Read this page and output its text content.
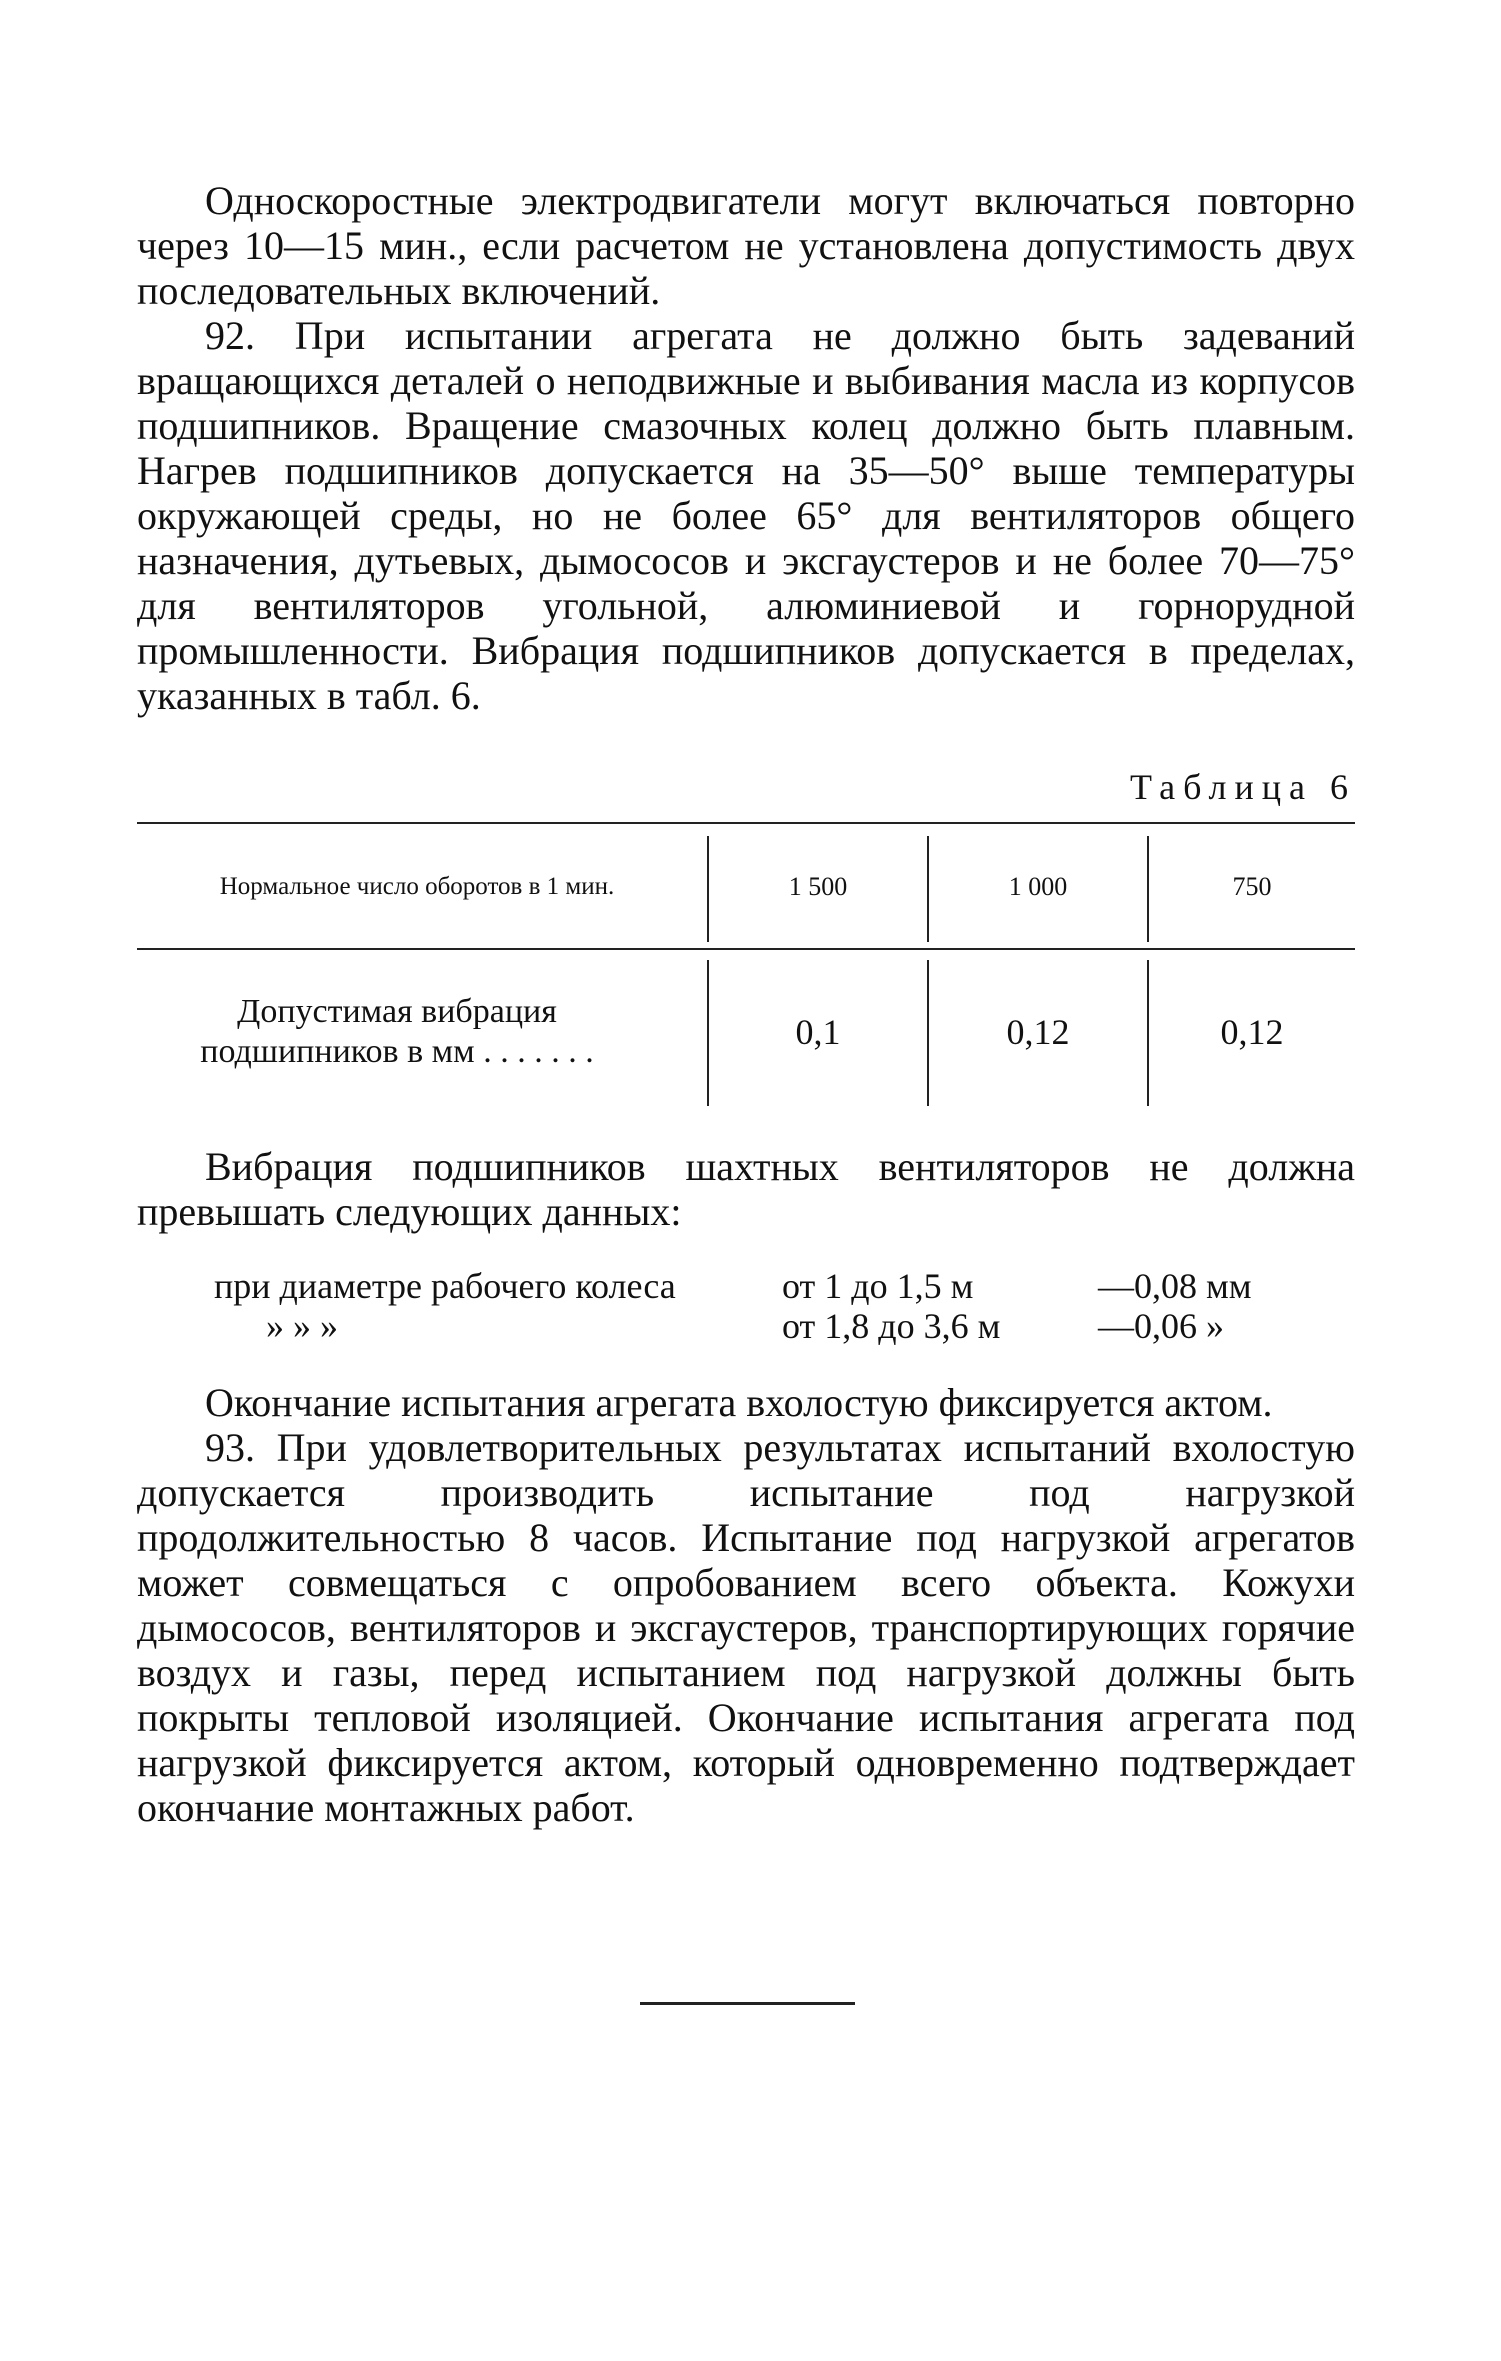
Односкоростные электродвигатели могут включаться повторно через 10—15 мин., если расчетом не установлена допустимость двух последовательных включений.

92. При испытании агрегата не должно быть задеваний вращающихся деталей о неподвижные и выбивания масла из корпусов подшипников. Вращение смазочных колец должно быть плавным. Нагрев подшипников допускается на 35—50° выше температуры окружающей среды, но не более 65° для вентиляторов общего назначения, дутьевых, дымососов и эксгаустеров и не более 70—75° для вентиляторов угольной, алюминиевой и горнорудной промышленности. Вибрация подшипников допускается в пределах, указанных в табл. 6.

Таблица 6
Нормальное число оборотов в 1 мин.	1 500	1 000	750
Допустимая вибрация подшипников в мм . . . . . . .	0,1	0,12	0,12

Вибрация подшипников шахтных вентиляторов не должна превышать следующих данных:

при диаметре рабочего колеса	от 1 до 1,5 м	—0,08 мм
» » »	от 1,8 до 3,6 м	—0,06 »

Окончание испытания агрегата вхолостую фиксируется актом.

93. При удовлетворительных результатах испытаний вхолостую допускается производить испытание под нагрузкой продолжительностью 8 часов. Испытание под нагрузкой агрегатов может совмещаться с опробованием всего объекта. Кожухи дымососов, вентиляторов и эксгаустеров, транспортирующих горячие воздух и газы, перед испытанием под нагрузкой должны быть покрыты тепловой изоляцией. Окончание испытания агрегата под нагрузкой фиксируется актом, который одновременно подтверждает окончание монтажных работ.
